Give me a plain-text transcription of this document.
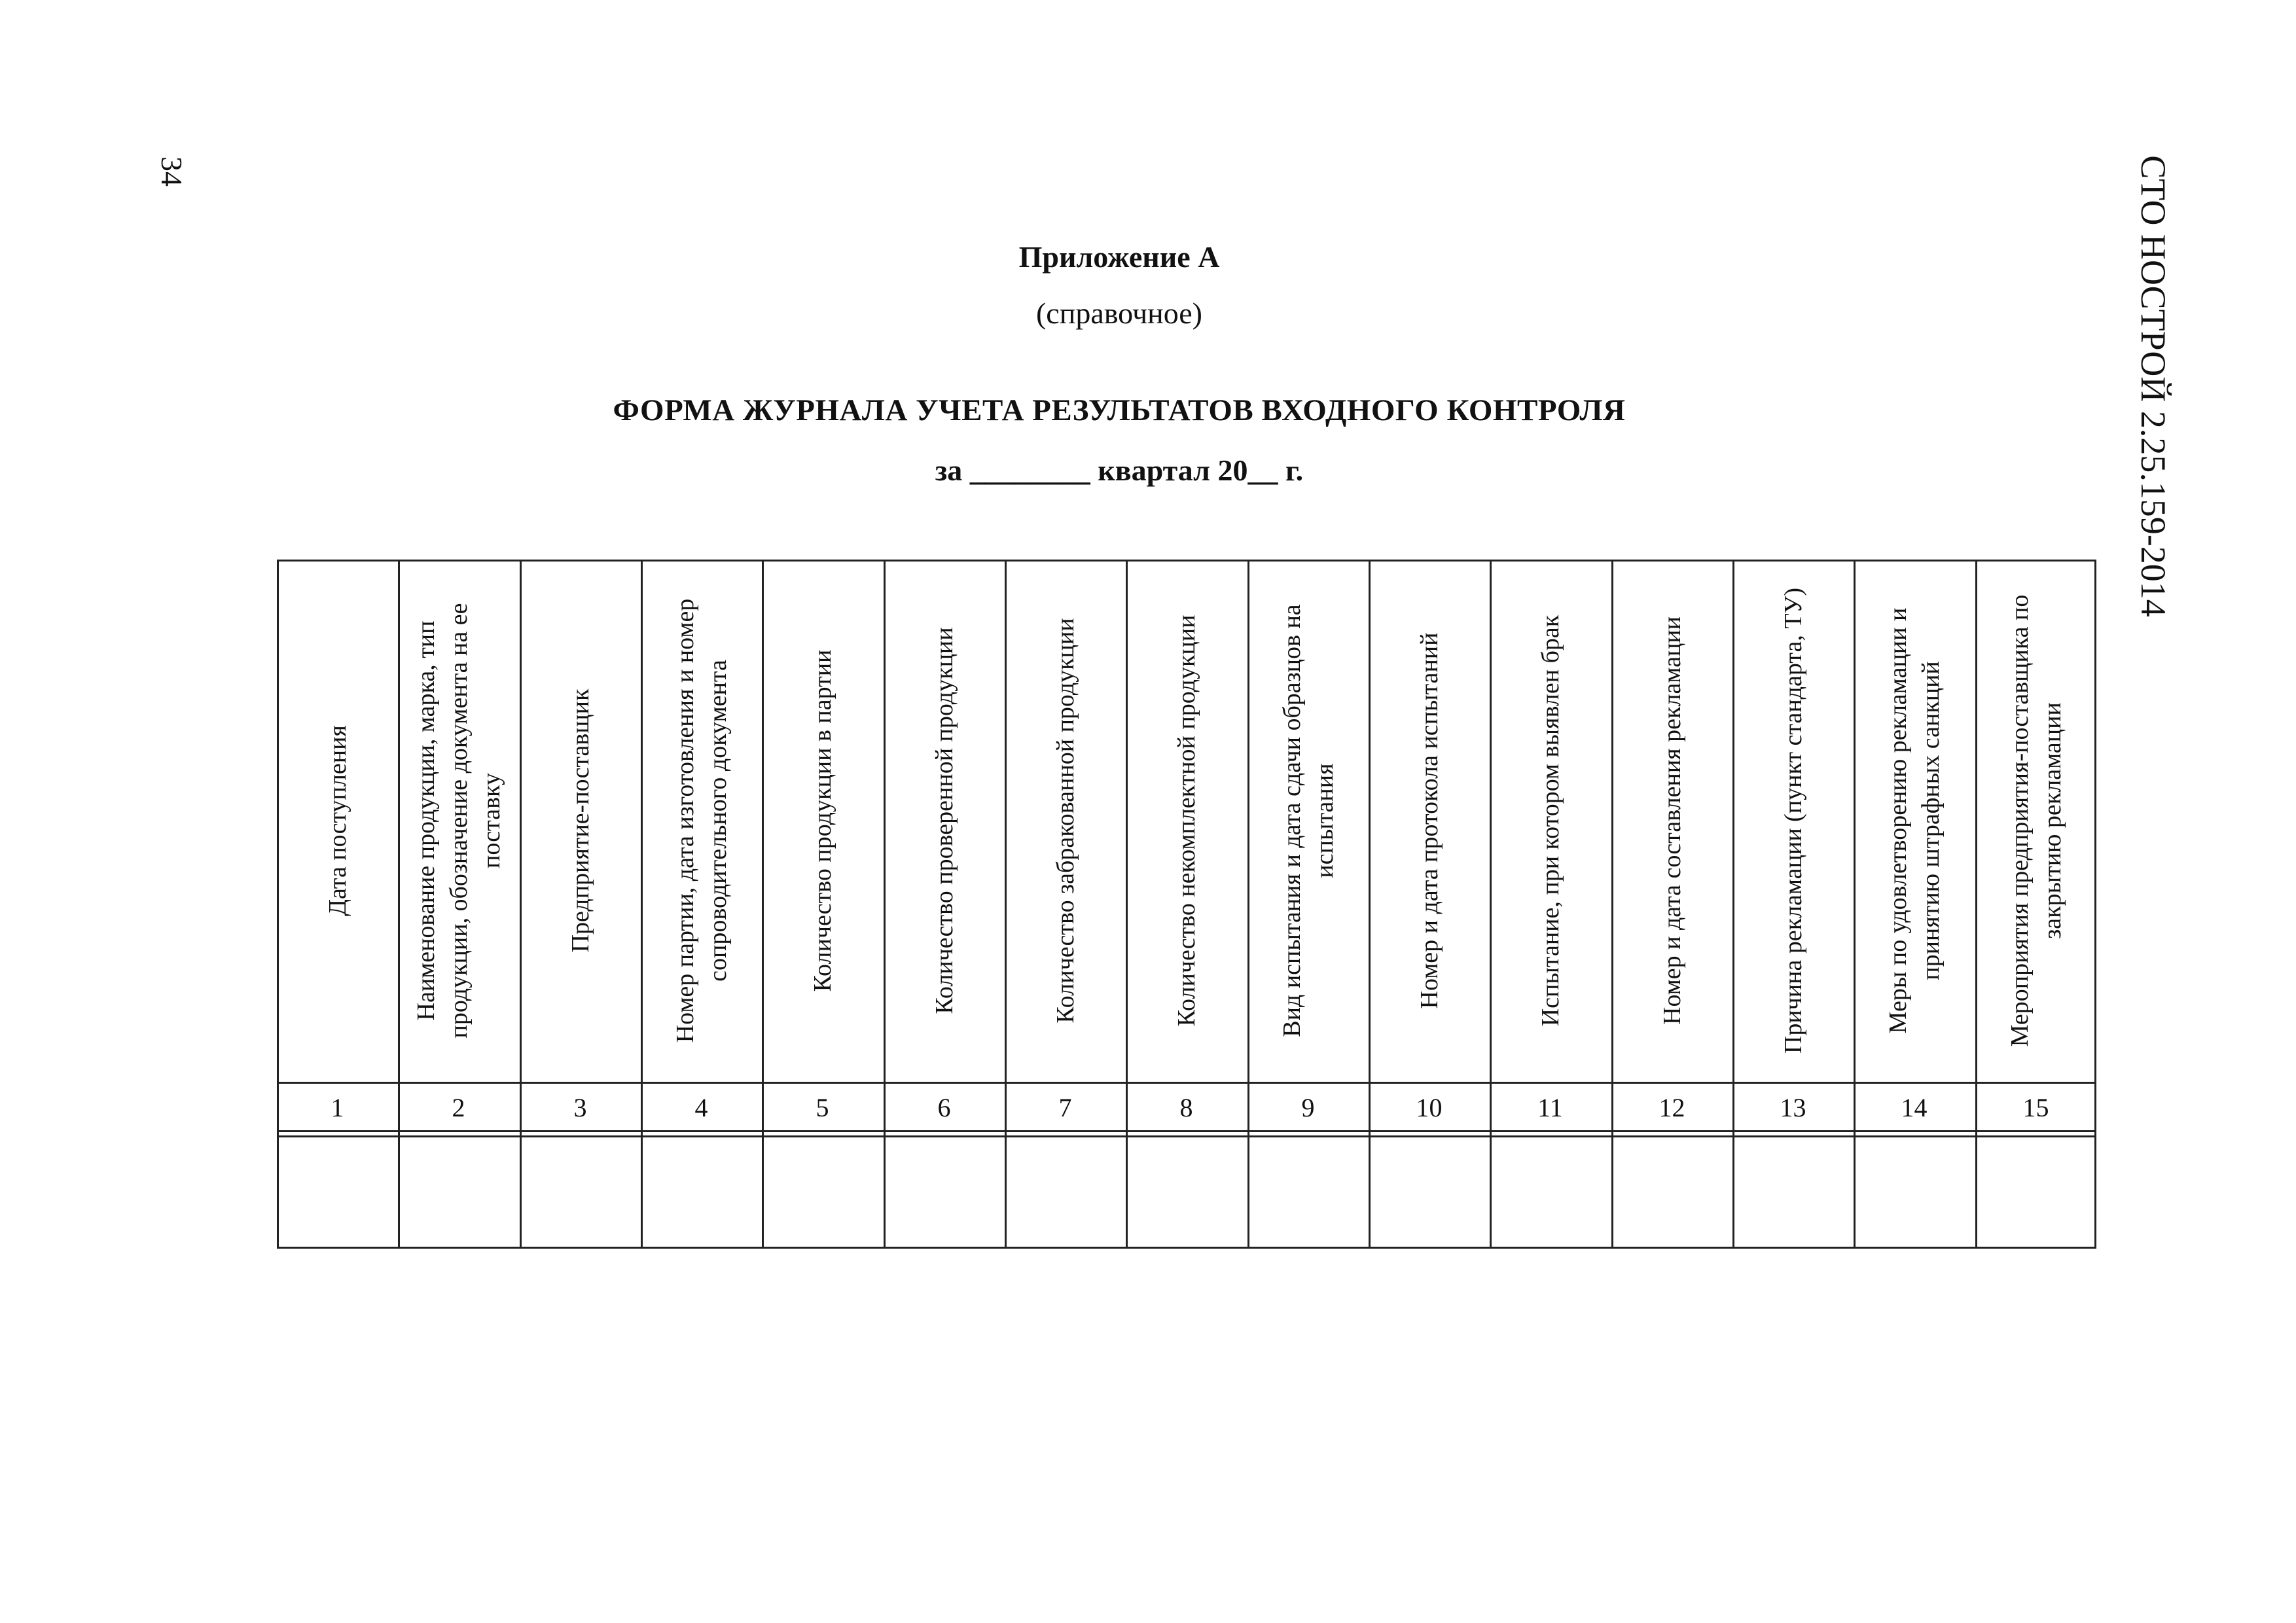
34	СТО НОСТРОЙ 2.25.159-2014
Приложение А
(справочное)
ФОРМА ЖУРНАЛА УЧЕТА РЕЗУЛЬТАТОВ ВХОДНОГО КОНТРОЛЯ
за ________ квартал 20__ г.
Дата поступления
1
Наименование продукции, марка, тип продукции, обозначение документа на ее поставку
2
Предприятие-поставщик
3
Номер партии, дата изготовления и номер сопроводительного документа
4
Количество продукции в партии
5
Количество проверенной продукции
6
Количество забракованной продукции
7
Количество некомплектной продукции
8
Вид испытания и дата сдачи образцов на испытания
9
Номер и дата протокола испытаний
10
Испытание, при котором выявлен брак
11
Номер и дата составления рекламации
12
Причина рекламации (пункт стандарта, ТУ)
13
Меры по удовлетворению рекламации и принятию штрафных санкций
14
Мероприятия предприятия-поставщика по закрытию рекламации
15
